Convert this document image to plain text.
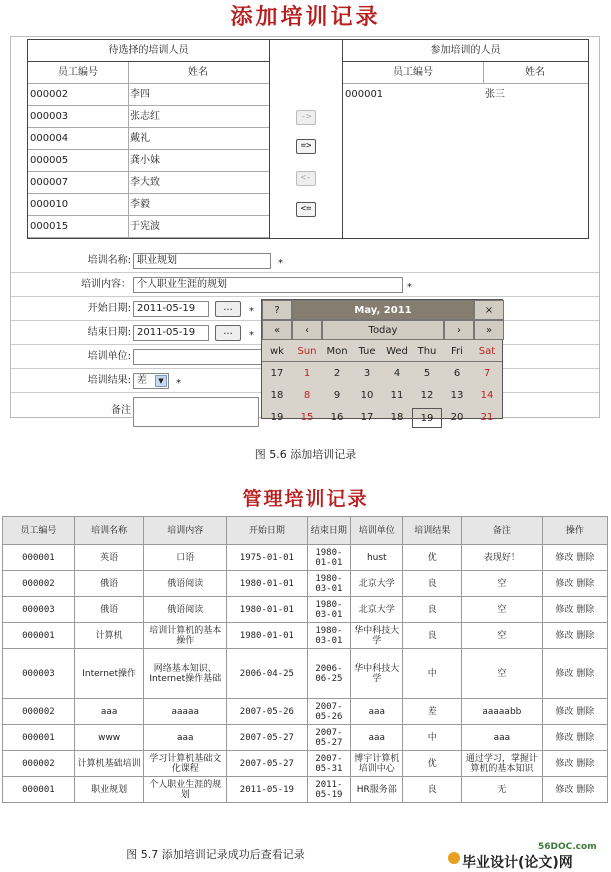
添加培训记录
待选择的培训人员
员工编号	姓名
000002	李四
000003	张志红
000004	戴礼
000005	龚小妹
000007	李大致
000010	李毅
000015	于宪波
->
=>
<-
<=
参加培训的人员
员工编号	姓名
000001	张三
培训名称: 职业规划	*
培训内容： 个人职业生涯的规划	*
开始日期: 2011-05-19	...	*
结束日期: 2011-05-19	...	*
培训单位:
培训结果: 差	▼	*
备注
?	May, 2011	×
«	‹	Today	›	»
wk	Sun Mon	Tue	Wed Thu	Fri	Sat
17	1	2	3	4	5	6	7
18	8	9	10	11	12	13	14
19	15	16	17	18	19	20	21
图 5.6 添加培训记录
管理培训记录
员工编号	培训名称	培训内容	开始日期	结束日期	培训单位	培训结果	备注	操作
000001	英语	口语	1975-01-01	1980-01-01	hust	优	表现好！	修改 删除
000002	俄语	俄语阅读	1980-01-01	1980-03-01	北京大学	良	空	修改 删除
000003	俄语	俄语阅读	1980-01-01	1980-03-01	北京大学	良	空	修改 删除
000001	计算机	培训计算机的基本操作	1980-01-01	1980-03-01	华中科技大学	良	空	修改 删除
000003	Internet操作	网络基本知识、Internet操作基础	2006-04-25	2006-06-25	华中科技大学	中	空	修改 删除
000002	aaa	aaaaa	2007-05-26	2007-05-26	aaa	差	aaaaabb	修改 删除
000001	www	aaa	2007-05-27	2007-05-27	aaa	中	aaa	修改 删除
000002	计算机基础培训	学习计算机基础文化课程	2007-05-27	2007-05-31	博宇计算机培训中心	优	通过学习，掌握计算机的基本知识	修改 删除
000001	职业规划	个人职业生涯的规划	2011-05-19	2011-05-19	HR服务部	良	无	修改 删除
图 5.7 添加培训记录成功后查看记录
56DOC.com
毕业设计(论文)网
